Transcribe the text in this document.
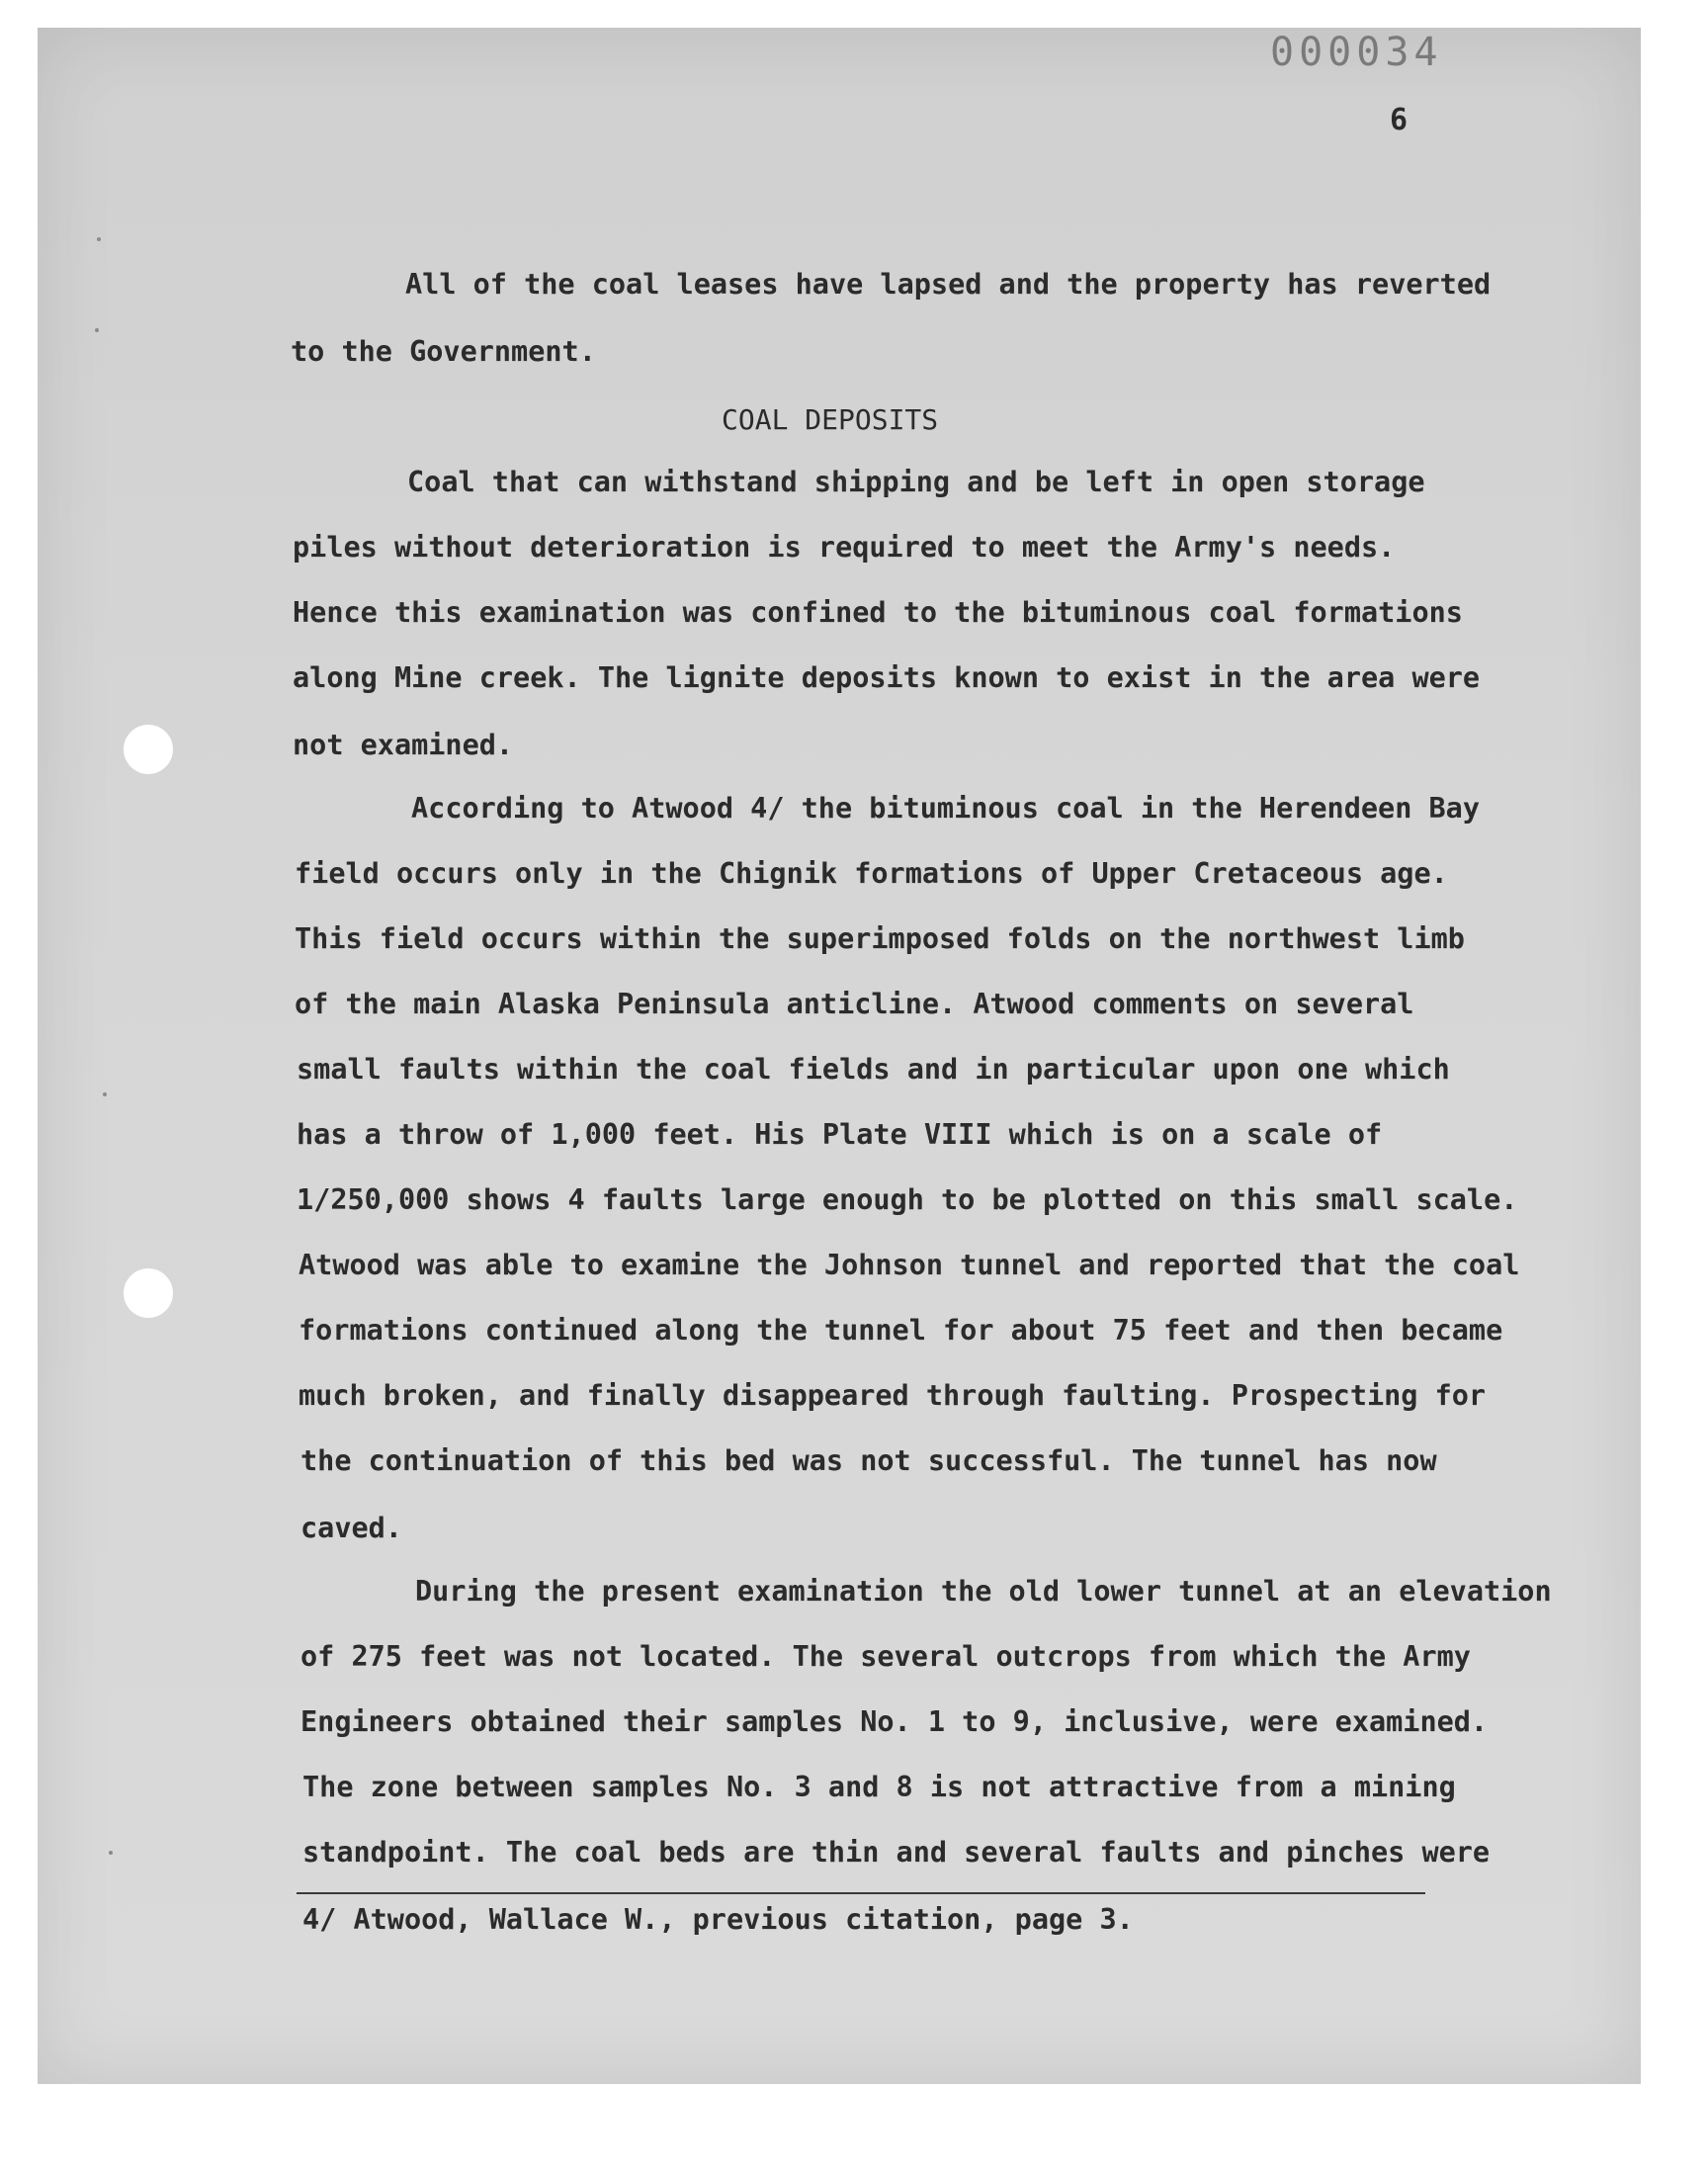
000034
6
All of the coal leases have lapsed and the property has reverted
to the Government.
COAL DEPOSITS
Coal that can withstand shipping and be left in open storage
piles without deterioration is required to meet the Army's needs.
Hence this examination was confined to the bituminous coal formations
along Mine creek. The lignite deposits known to exist in the area were
not examined.
According to Atwood 4/ the bituminous coal in the Herendeen Bay
field occurs only in the Chignik formations of Upper Cretaceous age.
This field occurs within the superimposed folds on the northwest limb
of the main Alaska Peninsula anticline. Atwood comments on several
small faults within the coal fields and in particular upon one which
has a throw of 1,000 feet. His Plate VIII which is on a scale of
1/250,000 shows 4 faults large enough to be plotted on this small scale.
Atwood was able to examine the Johnson tunnel and reported that the coal
formations continued along the tunnel for about 75 feet and then became
much broken, and finally disappeared through faulting. Prospecting for
the continuation of this bed was not successful. The tunnel has now
caved.
During the present examination the old lower tunnel at an elevation
of 275 feet was not located. The several outcrops from which the Army
Engineers obtained their samples No. 1 to 9, inclusive, were examined.
The zone between samples No. 3 and 8 is not attractive from a mining
standpoint. The coal beds are thin and several faults and pinches were
4/ Atwood, Wallace W., previous citation, page 3.
